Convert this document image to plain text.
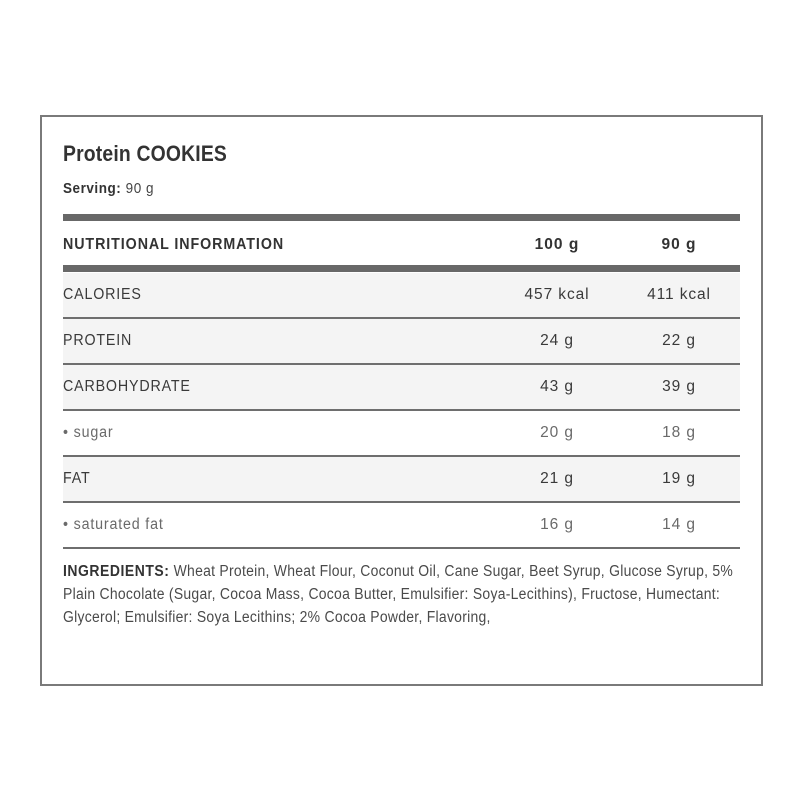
Protein COOKIES
Serving: 90 g
NUTRITIONAL INFORMATION	100 g	90 g
CALORIES	457 kcal	411 kcal
PROTEIN	24 g	22 g
CARBOHYDRATE	43 g	39 g
• sugar	20 g	18 g
FAT	21 g	19 g
• saturated fat	16 g	14 g
INGREDIENTS: Wheat Protein, Wheat Flour, Coconut Oil, Cane Sugar, Beet Syrup, Glucose Syrup, 5% Plain Chocolate (Sugar, Cocoa Mass, Cocoa Butter, Emulsifier: Soya-Lecithins), Fructose, Humectant: Glycerol; Emulsifier: Soya Lecithins; 2% Cocoa Powder, Flavoring,
